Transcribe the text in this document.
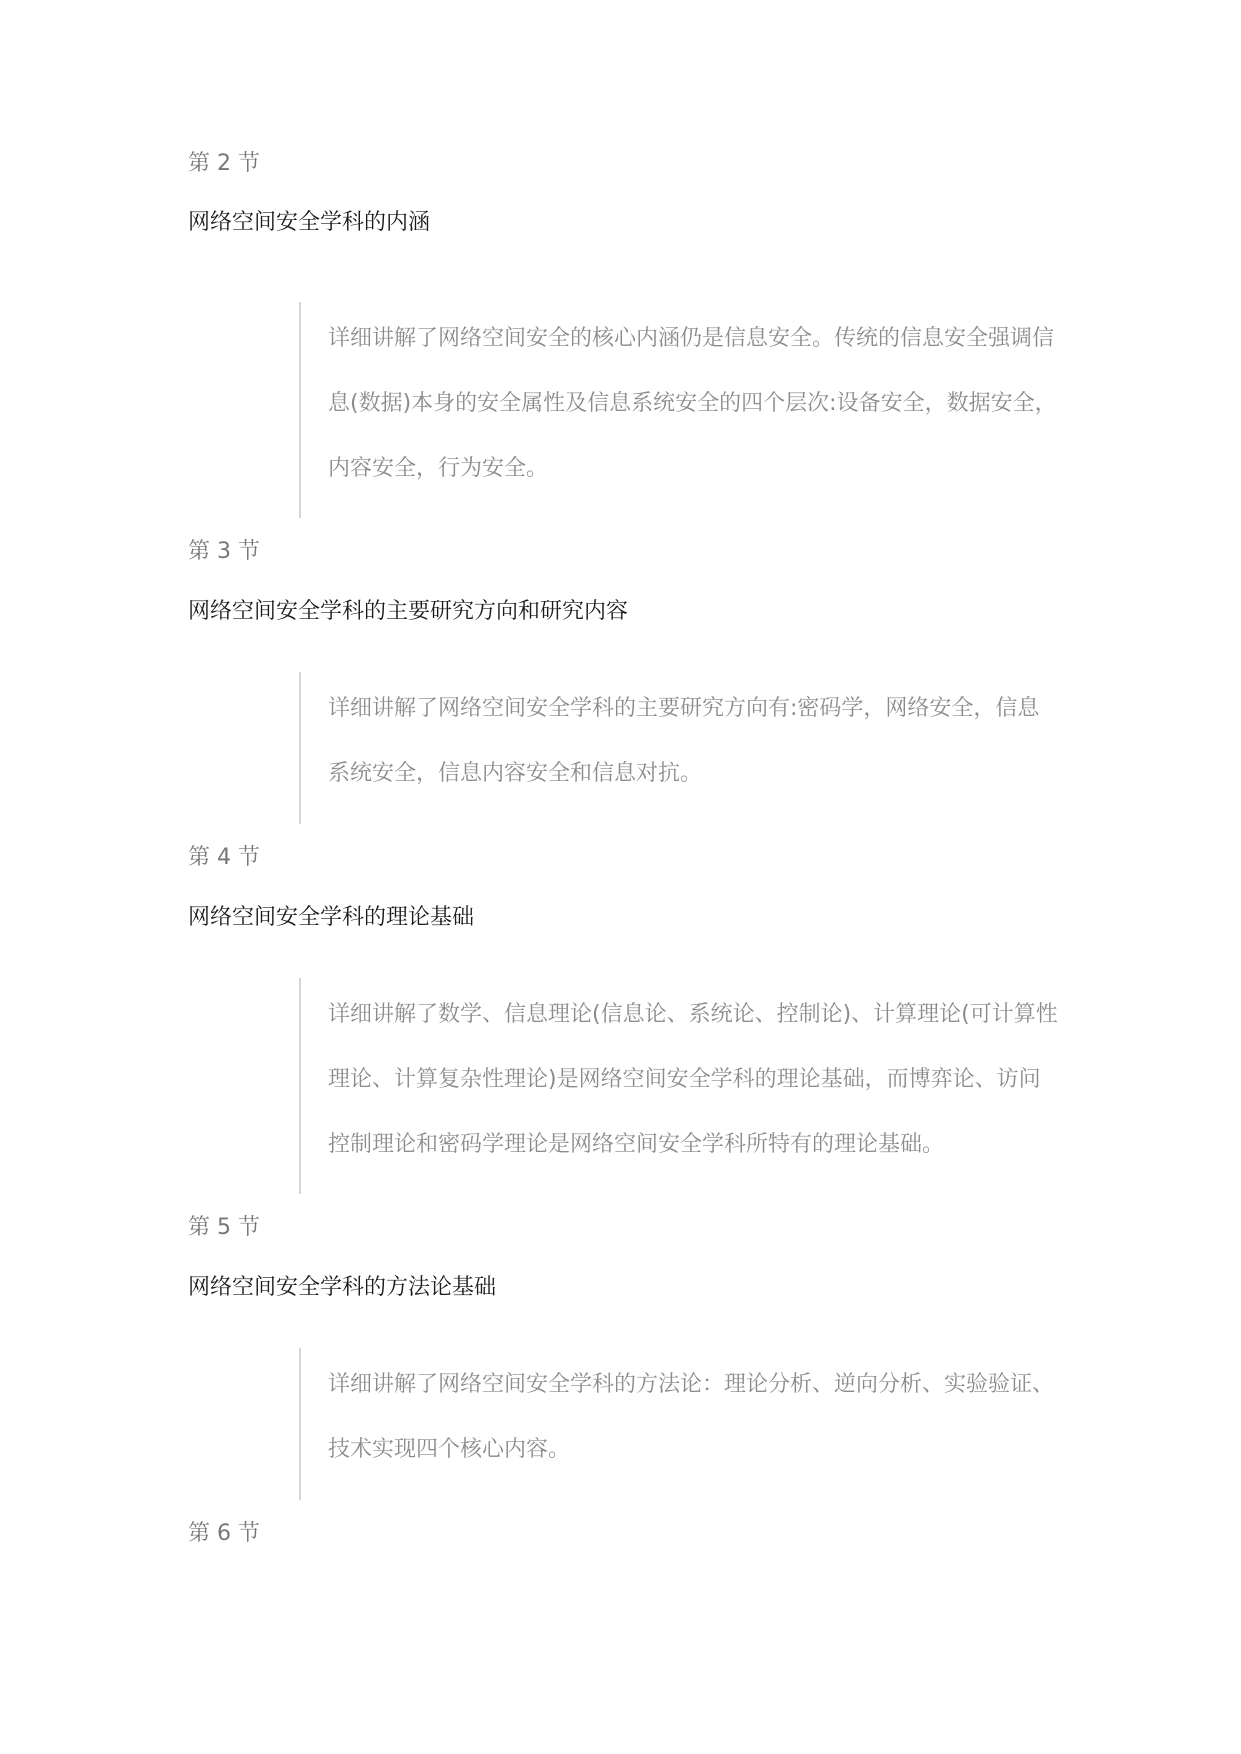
第 2 节
网络空间安全学科的内涵

详细讲解了网络空间安全的核心内涵仍是信息安全。传统的信息安全强调信息(数据)本身的安全属性及信息系统安全的四个层次:设备安全，数据安全，内容安全，行为安全。

第 3 节
网络空间安全学科的主要研究方向和研究内容

详细讲解了网络空间安全学科的主要研究方向有:密码学，网络安全，信息系统安全，信息内容安全和信息对抗。

第 4 节
网络空间安全学科的理论基础

详细讲解了数学、信息理论(信息论、系统论、控制论)、计算理论(可计算性理论、计算复杂性理论)是网络空间安全学科的理论基础，而博弈论、访问控制理论和密码学理论是网络空间安全学科所特有的理论基础。

第 5 节
网络空间安全学科的方法论基础

详细讲解了网络空间安全学科的方法论：理论分析、逆向分析、实验验证、技术实现四个核心内容。

第 6 节
